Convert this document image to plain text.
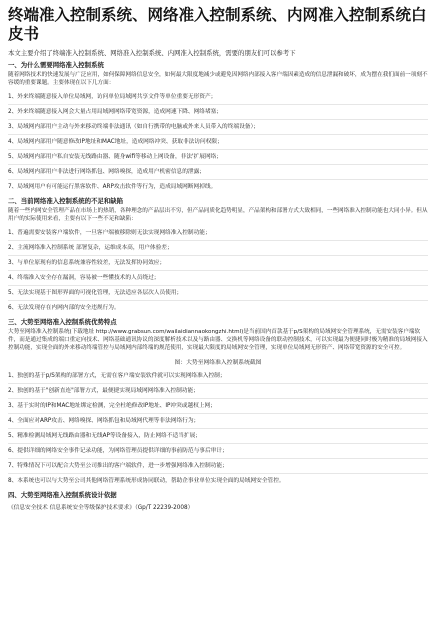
终端准入控制系统、网络准入控制系统、内网准入控制系统白皮书
本文主要介绍了终端准入控制系统、网络准入控制系统、内网准入控制系统，需要的朋友们可以参考下
一、为什么需要网络准入控制系统
随着网络技术的快速发展与广泛应用，如何保障网络信息安全，如何最大限度地减少或避免因网络内部接入客户端因素造成的信息泄漏和破坏，成为摆在我们面前一项刻不容缓的重要课题。主要体现在以下几方面：
1、外来终端随意接入单位局域网，访问单位局域网共享文件等单位重要无形资产；
2、外来终端随意接入网会大量占用局域网网络带宽资源，造成网速下降、网络堵塞；
3、局域网内部用户主动与外来移动终端非法通讯（如自行携带的电脑或外来人员带入的终端设备）；
4、局域网内部用户随意修改IP地址和MAC地址，造成网络冲突、获取非法访问权限；
5、局域网内部用户私自安装无线路由器、随身wifi等移动上网设备，非法'扩展网络；
6、局域网内部用户非法进行网络抓包、网络嗅探，造成用户机密信息的泄露；
7、局域网用户有可能运行黑客软件、ARP攻击软件等行为，造成局域网断网掉线。
二、当前网络准入控制系统的不足和缺陷
随着一些内网安全管理产品在市场上的热销，各种理念的产品层出不穷，但产品同质化趋势明显，产品架构和部署方式大致相同，一些网络准入控制功能也大同小异。但从用户的实际使用来看，主要有以下一些不足和缺陷：
1、普遍需要安装客户端软件，一旦客户端被移除则无法实现网络准入控制功能；
2、主流网络准入控制系统 部署复杂，运维成本高，用户体验差；
3、与单位原现有的信息系统兼容性较差，无法发挥协同效应；
4、终端准入安全存在漏洞，容易被一些懂技术的人员绕过；
5、无法实现基于图形界面的可视化管理，无法适应各层次人员使用；
6、无法发现存在内网内部的安全违规行为。
三、大势至网络准入控制系统优势特点
大势至网络准入控制系统(下载地址 http://www.grabsun.com/wailaidiannaokongzhi.html)是当前国内首款基于p/S架构的局域网安全管理系统，无需安装客户端软件，而是通过集成的端口重定向技术、网络基础通讯协议的深度解析技术以及与路由器、交换机等网络设备的联动控制技术，可以实现最为便捷同时极为精准的局域网接入控制功能，实现全面的外来移动终端管控与局域网内部终端的规范使用，实现最大限度的局域网安全管理，实现单位局域网无形资产、网络带宽资源的安全可控。
图：大势至网络准入控制系统截图
1、独创的基于p/S架构的部署方式，无需在客户端安装软件就可以实现网络准入控制；
2、独创的基于"创新直连"部署方式，最便捷实现局域网网络准入控制功能；
3、基于实时的IP和MAC地址绑定检测，完全杜绝修改IP地址、IP冲突或越权上网；
4、全面应对ARP攻击、网络嗅探、网络抓包和局域网代理等非法网络行为；
5、精准检测局域网无线路由器和无线AP等设备接入，防止网络不适当扩展；
6、提供详细的网络安全事件记录功能，为网络管理员提供详细的事前防范与事后审计；
7、特殊情况下可以配合大势至公司推出的客户端软件，进一步增强网络准入控制功能；
8、本系统也可以与大势至公司其他网络管理系统形成协同联动，帮助企事业单位实现全面的局域网安全管控。
四、大势至网络准入控制系统设计依据
《信息安全技术 信息系统安全等级保护技术要求》（Gp/T 22239-2008）
